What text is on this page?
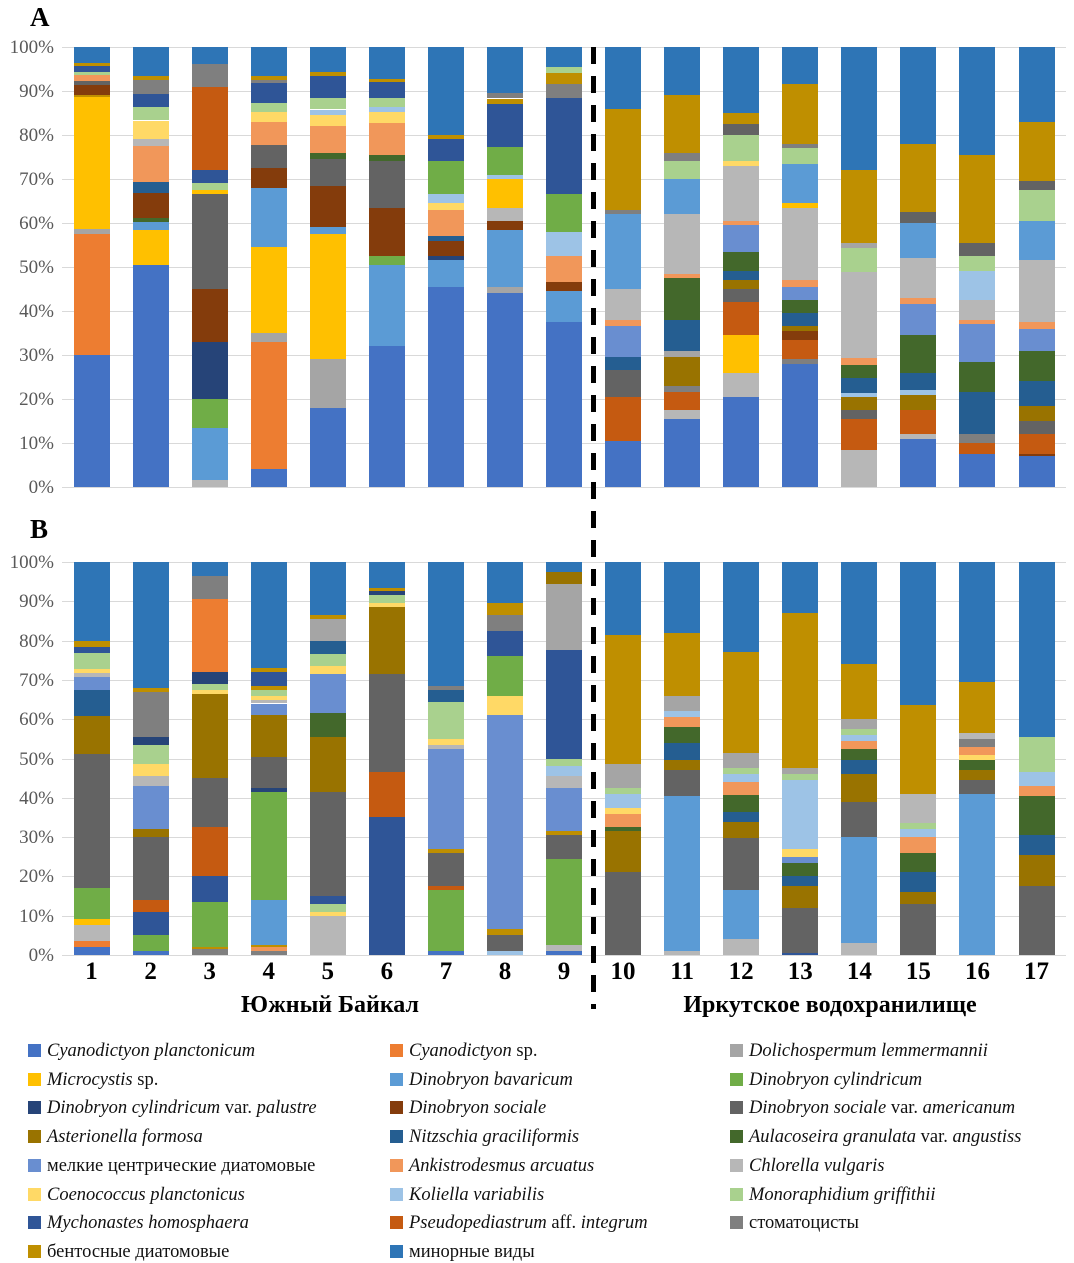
A
100%
90%
80%
70%
60%
50%
40%
30%
20%
10%
0%
B
100%
90%
80%
70%
60%
50%
40%
30%
20%
10%
0%
1	2	3	4	5	6	7	8	9	10	11	12	13	14	15	16	17
Южный Байкал	Иркутское водохранилище
Cyanodictyon planctonicum	Cyanodictyon sp.	Dolichospermum lemmermannii
Microcystis sp.	Dinobryon bavaricum	Dinobryon cylindricum
Dinobryon cylindricum var. palustre	Dinobryon sociale	Dinobryon sociale var. americanum
Asterionella formosa	Nitzschia graciliformis	Aulacoseira granulata var. angustiss
мелкие центрические диатомовые	Ankistrodesmus arcuatus	Chlorella vulgaris
Coenococcus planctonicus	Koliella variabilis	Monoraphidium griffithii
Mychonastes homosphaera	Pseudopediastrum aff. integrum	стоматоцисты
бентосные диатомовые	минорные виды
